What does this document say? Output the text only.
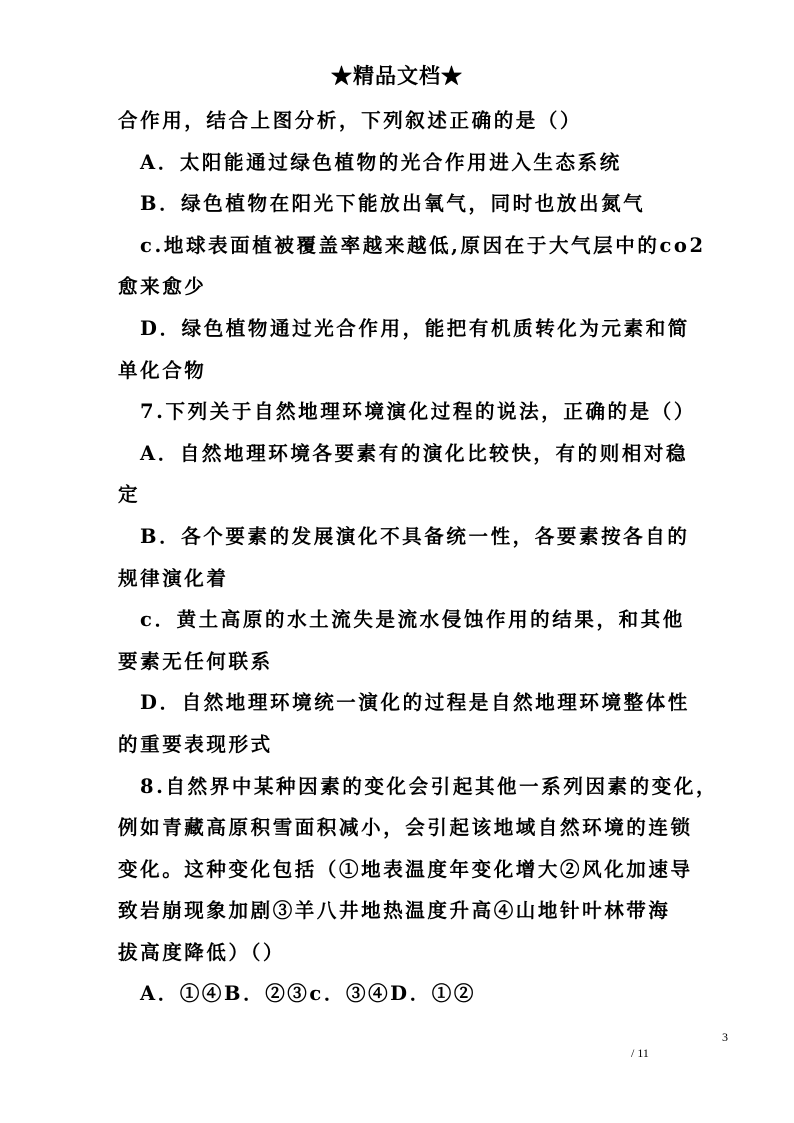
★精品文档★
合作用，结合上图分析，下列叙述正确的是（）
A．太阳能通过绿色植物的光合作用进入生态系统
B．绿色植物在阳光下能放出氧气，同时也放出氮气
c.地球表面植被覆盖率越来越低,原因在于大气层中的co2
愈来愈少
D．绿色植物通过光合作用，能把有机质转化为元素和简
单化合物
7.下列关于自然地理环境演化过程的说法，正确的是（）
A．自然地理环境各要素有的演化比较快，有的则相对稳
定
B．各个要素的发展演化不具备统一性，各要素按各自的
规律演化着
c．黄土高原的水土流失是流水侵蚀作用的结果，和其他
要素无任何联系
D．自然地理环境统一演化的过程是自然地理环境整体性
的重要表现形式
8.自然界中某种因素的变化会引起其他一系列因素的变化，
例如青藏高原积雪面积减小，会引起该地域自然环境的连锁
变化。这种变化包括（①地表温度年变化增大②风化加速导
致岩崩现象加剧③羊八井地热温度升高④山地针叶林带海
拔高度降低）（）
A．①④B．②③c．③④D．①②
3
/ 11
